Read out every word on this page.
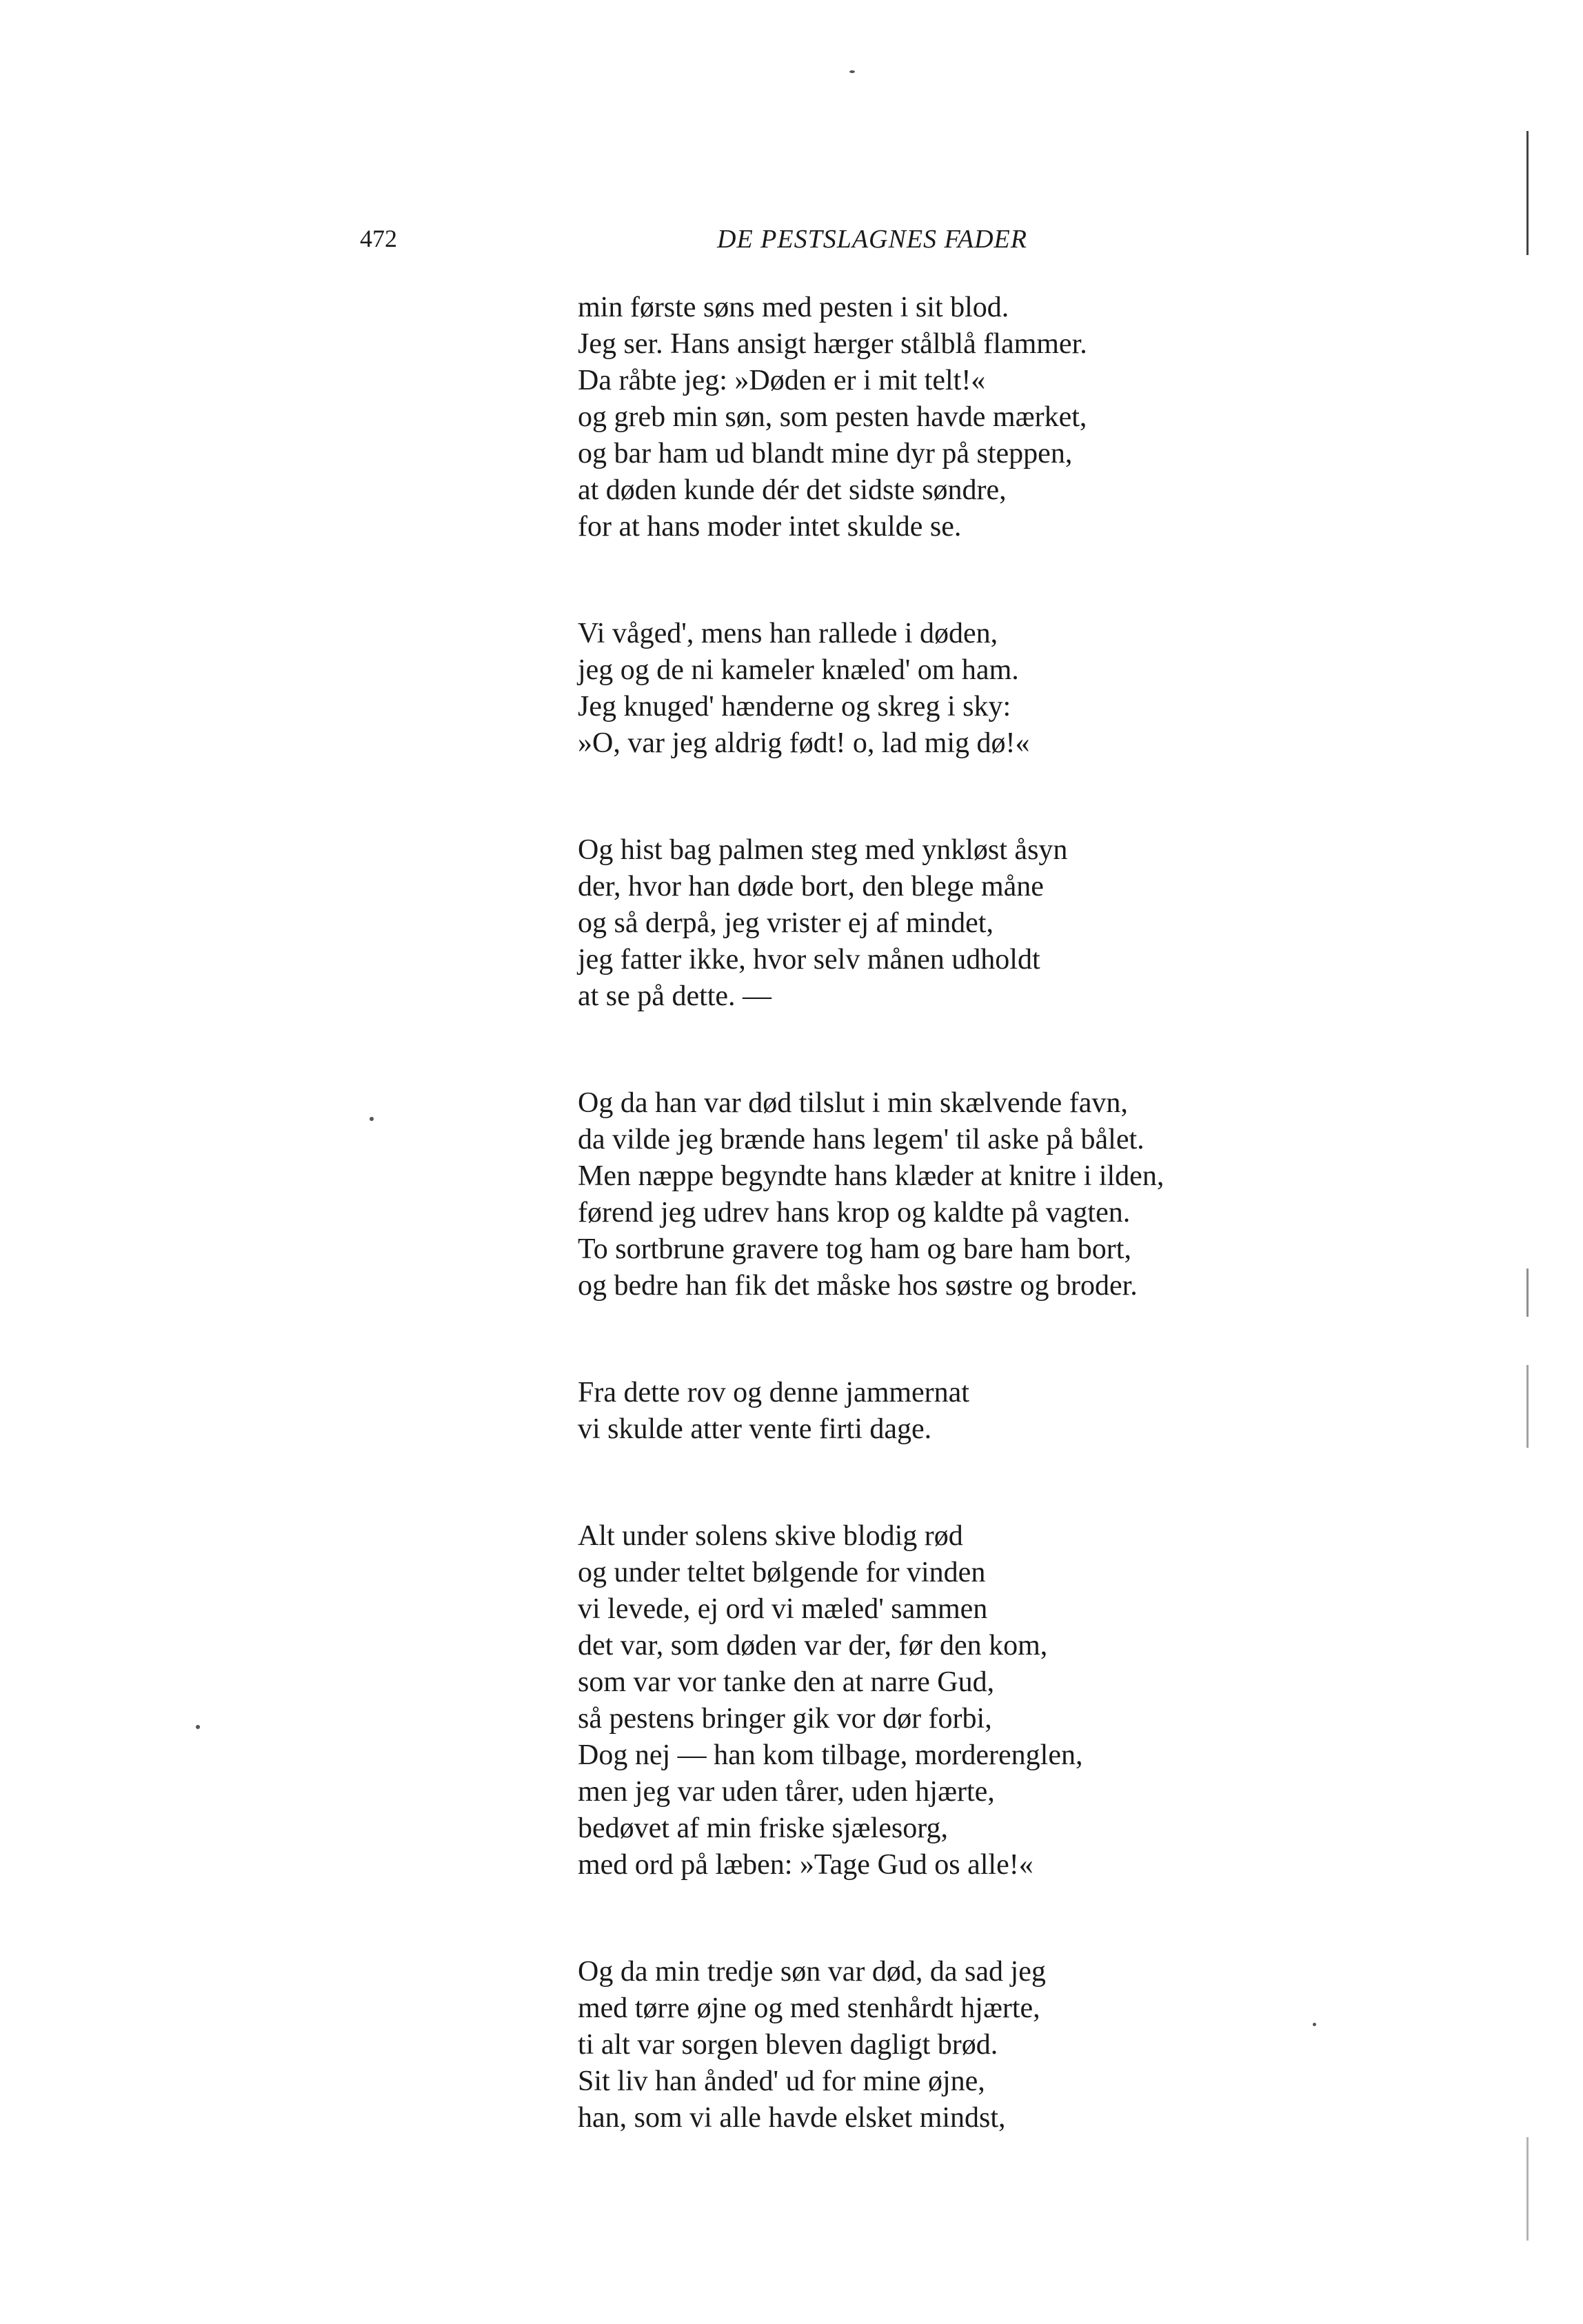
472	DE PESTSLAGNES FADER
min første søns med pesten i sit blod.
Jeg ser. Hans ansigt hærger stålblå flammer.
Da råbte jeg: »Døden er i mit telt!«
og greb min søn, som pesten havde mærket,
og bar ham ud blandt mine dyr på steppen,
at døden kunde dér det sidste søndre,
for at hans moder intet skulde se.
Vi våged', mens han rallede i døden,
jeg og de ni kameler knæled' om ham.
Jeg knuged' hænderne og skreg i sky:
»O, var jeg aldrig født! o, lad mig dø!«
Og hist bag palmen steg med ynkløst åsyn
der, hvor han døde bort, den blege måne
og så derpå, jeg vrister ej af mindet,
jeg fatter ikke, hvor selv månen udholdt
at se på dette. —
Og da han var død tilslut i min skælvende favn,
da vilde jeg brænde hans legem' til aske på bålet.
Men næppe begyndte hans klæder at knitre i ilden,
førend jeg udrev hans krop og kaldte på vagten.
To sortbrune gravere tog ham og bare ham bort,
og bedre han fik det måske hos søstre og broder.
Fra dette rov og denne jammernat
vi skulde atter vente firti dage.
Alt under solens skive blodig rød
og under teltet bølgende for vinden
vi levede, ej ord vi mæled' sammen
det var, som døden var der, før den kom,
som var vor tanke den at narre Gud,
så pestens bringer gik vor dør forbi,
Dog nej — han kom tilbage, morderenglen,
men jeg var uden tårer, uden hjærte,
bedøvet af min friske sjælesorg,
med ord på læben: »Tage Gud os alle!«
Og da min tredje søn var død, da sad jeg
med tørre øjne og med stenhårdt hjærte,
ti alt var sorgen bleven dagligt brød.
Sit liv han ånded' ud for mine øjne,
han, som vi alle havde elsket mindst,
